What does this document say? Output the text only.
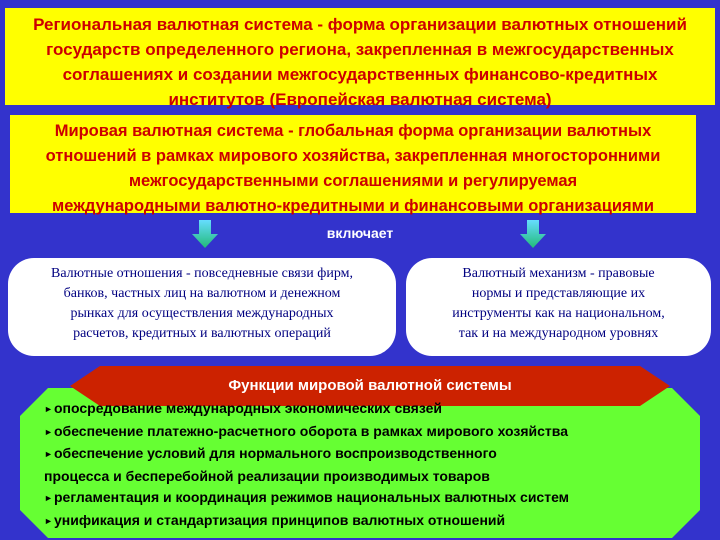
Региональная валютная система - форма организации валютных отношений
государств определенного региона, закрепленная в межгосударственных
соглашениях и создании межгосударственных финансово-кредитных
институтов (Европейская валютная система)
Мировая валютная система - глобальная форма организации валютных
отношений в рамках мирового хозяйства, закрепленная многосторонними
межгосударственными соглашениями и регулируемая
международными валютно-кредитными и финансовыми организациями
включает
Валютные отношения - повседневные связи фирм,
банков, частных лиц на валютном и денежном
рынках для осуществления международных
расчетов, кредитных и валютных операций
Валютный механизм - правовые
нормы и представляющие их
инструменты как на национальном,
так и на международном уровнях
Функции мировой валютной системы
►опосредование международных экономических связей
►обеспечение платежно-расчетного оборота в рамках мирового хозяйства
►обеспечение условий для нормального воспроизводственного
процесса и бесперебойной реализации производимых товаров
►регламентация и координация режимов национальных валютных систем
►унификация и стандартизация принципов валютных отношений
